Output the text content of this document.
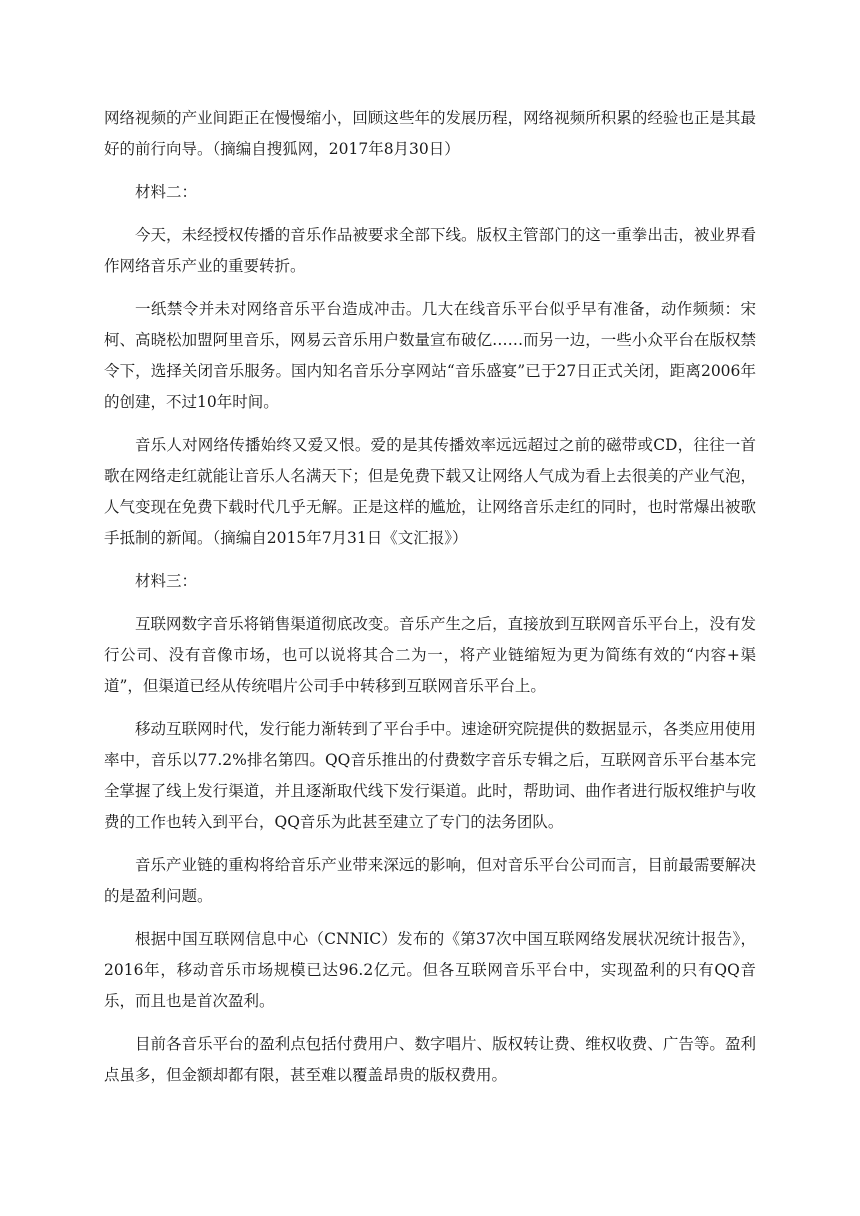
网络视频的产业间距正在慢慢缩小，回顾这些年的发展历程，网络视频所积累的经验也正是其最好的前行向导。（摘编自搜狐网，2017年8月30日）

材料二：

今天，未经授权传播的音乐作品被要求全部下线。版权主管部门的这一重拳出击，被业界看作网络音乐产业的重要转折。

一纸禁令并未对网络音乐平台造成冲击。几大在线音乐平台似乎早有准备，动作频频：宋柯、高晓松加盟阿里音乐，网易云音乐用户数量宣布破亿……而另一边，一些小众平台在版权禁令下，选择关闭音乐服务。国内知名音乐分享网站“音乐盛宴”已于27日正式关闭，距离2006年的创建，不过10年时间。

音乐人对网络传播始终又爱又恨。爱的是其传播效率远远超过之前的磁带或CD，往往一首歌在网络走红就能让音乐人名满天下；但是免费下载又让网络人气成为看上去很美的产业气泡，人气变现在免费下载时代几乎无解。正是这样的尴尬，让网络音乐走红的同时，也时常爆出被歌手抵制的新闻。（摘编自2015年7月31日《文汇报》）

材料三：

互联网数字音乐将销售渠道彻底改变。音乐产生之后，直接放到互联网音乐平台上，没有发行公司、没有音像市场，也可以说将其合二为一，将产业链缩短为更为简练有效的“内容+渠道”，但渠道已经从传统唱片公司手中转移到互联网音乐平台上。

移动互联网时代，发行能力渐转到了平台手中。速途研究院提供的数据显示，各类应用使用率中，音乐以77.2%排名第四。QQ音乐推出的付费数字音乐专辑之后，互联网音乐平台基本完全掌握了线上发行渠道，并且逐渐取代线下发行渠道。此时，帮助词、曲作者进行版权维护与收费的工作也转入到平台，QQ音乐为此甚至建立了专门的法务团队。

音乐产业链的重构将给音乐产业带来深远的影响，但对音乐平台公司而言，目前最需要解决的是盈利问题。

根据中国互联网信息中心（CNNIC）发布的《第37次中国互联网络发展状况统计报告》，2016年，移动音乐市场规模已达96.2亿元。但各互联网音乐平台中，实现盈利的只有QQ音乐，而且也是首次盈利。

目前各音乐平台的盈利点包括付费用户、数字唱片、版权转让费、维权收费、广告等。盈利点虽多，但金额却都有限，甚至难以覆盖昂贵的版权费用。
